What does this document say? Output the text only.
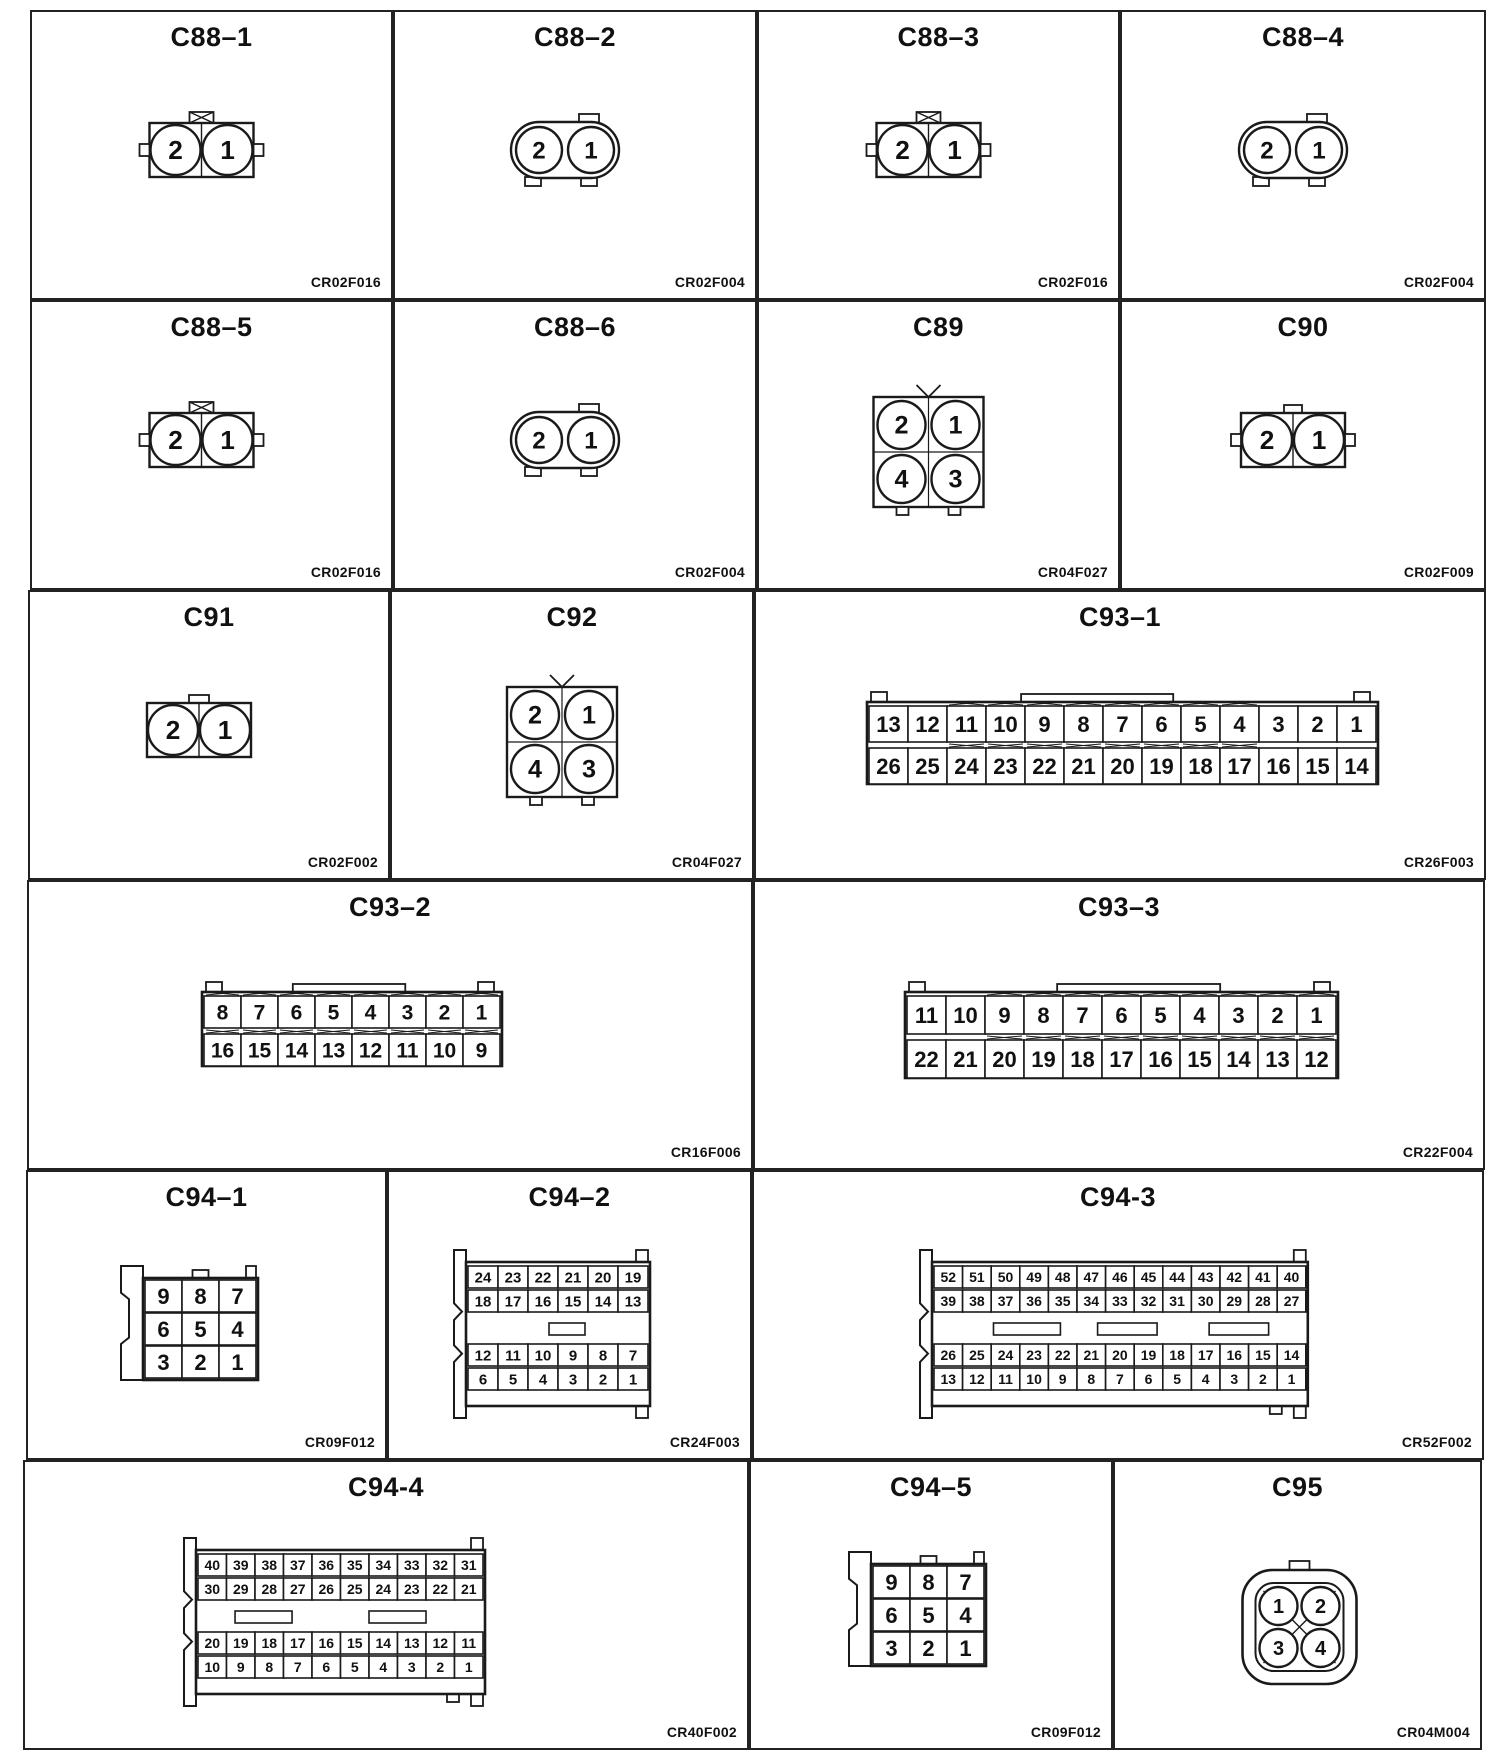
2 1
C88–1
CR02F016
2 1
C88–2
CR02F004
2 1
C88–3
CR02F016
2 1
C88–4
CR02F004
2 1
C88–5
CR02F016
2 1
C88–6
CR02F004
2 1
4 3
C89
CR04F027
2 1
C90
CR02F009
2 1
C91
CR02F002
2 1
4 3
C92
CR04F027
13 12 11 10 9 8 7 6 5 4 3 2 1
26 25 24 23 22 21 20 19 18 17 16 15 14
C93–1
CR26F003
8 7 6 5 4 3 2 1
16 15 14 13 12 11 10 9
C93–2
CR16F006
11 10 9 8 7 6 5 4 3 2 1
22 21 20 19 18 17 16 15 14 13 12
C93–3
CR22F004
9 8 7
6 5 4
3 2 1
C94–1
CR09F012
24 23 22 21 20 19
18 17 16 15 14 13
12 11 10 9 8 7
6 5 4 3 2 1
C94–2
CR24F003
52 51 50 49 48 47 46 45 44 43 42 41 40
39 38 37 36 35 34 33 32 31 30 29 28 27
26 25 24 23 22 21 20 19 18 17 16 15 14
13 12 11 10 9 8 7 6 5 4 3 2 1
C94-3
CR52F002
40 39 38 37 36 35 34 33 32 31
30 29 28 27 26 25 24 23 22 21
20 19 18 17 16 15 14 13 12 11
10 9 8 7 6 5 4 3 2 1
C94-4
CR40F002
9 8 7
6 5 4
3 2 1
C94–5
CR09F012
1 2
3 4
C95
CR04M004
